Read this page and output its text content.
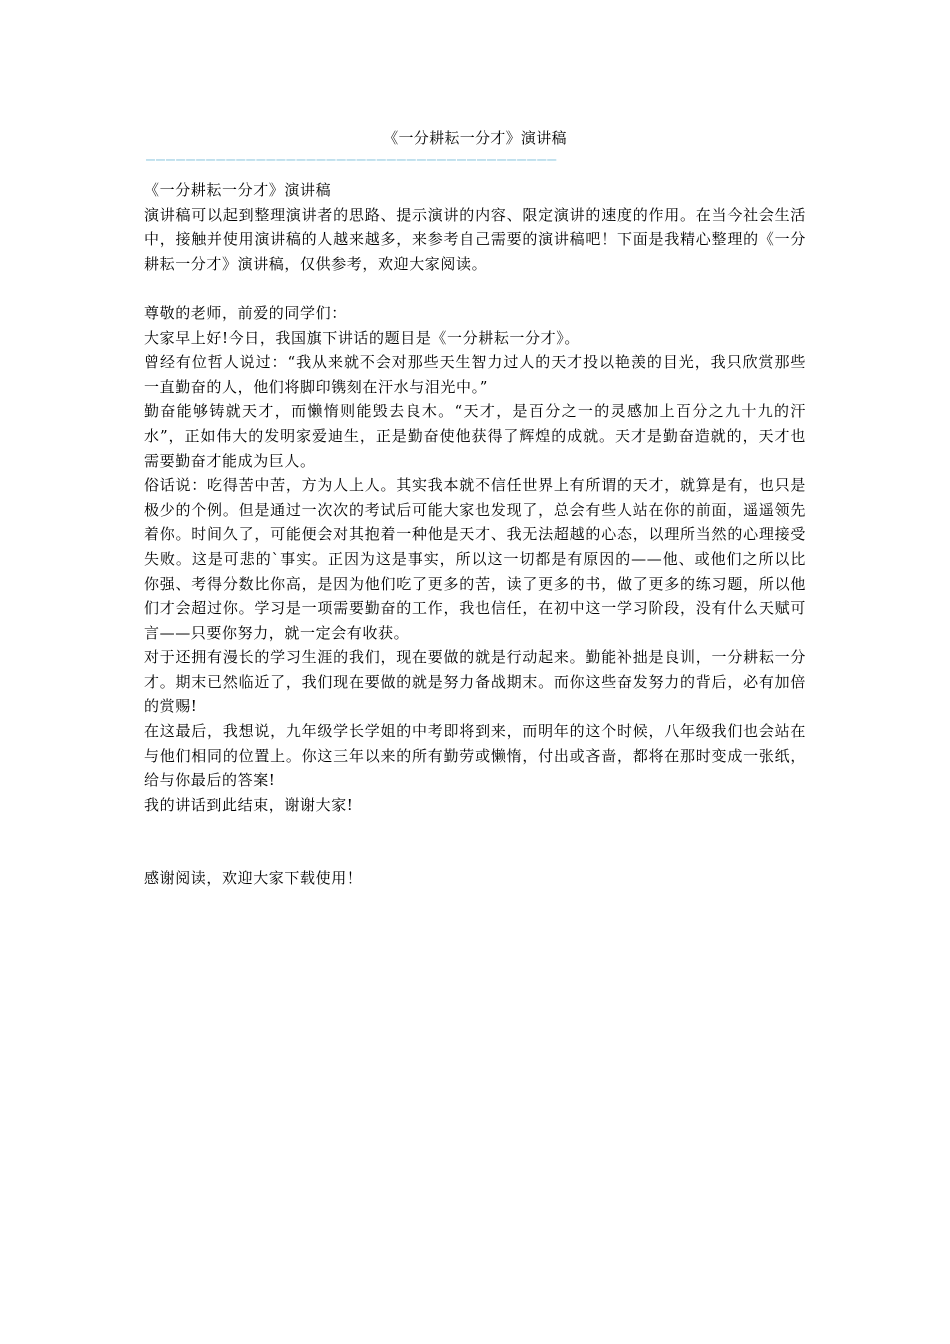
《一分耕耘一分才》演讲稿
—————————————————————————————————————————

《一分耕耘一分才》演讲稿

演讲稿可以起到整理演讲者的思路、提示演讲的内容、限定演讲的速度的作用。在当今社会生活中，接触并使用演讲稿的人越来越多，来参考自己需要的演讲稿吧！下面是我精心整理的《一分耕耘一分才》演讲稿，仅供参考，欢迎大家阅读。

尊敬的老师，前爱的同学们：

大家早上好!今日，我国旗下讲话的题目是《一分耕耘一分才》。

曾经有位哲人说过：“我从来就不会对那些天生智力过人的天才投以艳羡的目光，我只欣赏那些一直勤奋的人，他们将脚印镌刻在汗水与泪光中。”

勤奋能够铸就天才，而懒惰则能毁去良木。“天才，是百分之一的灵感加上百分之九十九的汗水”，正如伟大的发明家爱迪生，正是勤奋使他获得了辉煌的成就。天才是勤奋造就的，天才也需要勤奋才能成为巨人。

俗话说：吃得苦中苦，方为人上人。其实我本就不信任世界上有所谓的天才，就算是有，也只是极少的个例。但是通过一次次的考试后可能大家也发现了，总会有些人站在你的前面，遥遥领先着你。时间久了，可能便会对其抱着一种他是天才、我无法超越的心态，以理所当然的心理接受失败。这是可悲的`事实。正因为这是事实，所以这一切都是有原因的——他、或他们之所以比你强、考得分数比你高，是因为他们吃了更多的苦，读了更多的书，做了更多的练习题，所以他们才会超过你。学习是一项需要勤奋的工作，我也信任，在初中这一学习阶段，没有什么天赋可言——只要你努力，就一定会有收获。

对于还拥有漫长的学习生涯的我们，现在要做的就是行动起来。勤能补拙是良训，一分耕耘一分才。期末已然临近了，我们现在要做的就是努力备战期末。而你这些奋发努力的背后，必有加倍的赏赐!

在这最后，我想说，九年级学长学姐的中考即将到来，而明年的这个时候，八年级我们也会站在与他们相同的位置上。你这三年以来的所有勤劳或懒惰，付出或吝啬，都将在那时变成一张纸，给与你最后的答案!

我的讲话到此结束，谢谢大家!

感谢阅读，欢迎大家下载使用！
